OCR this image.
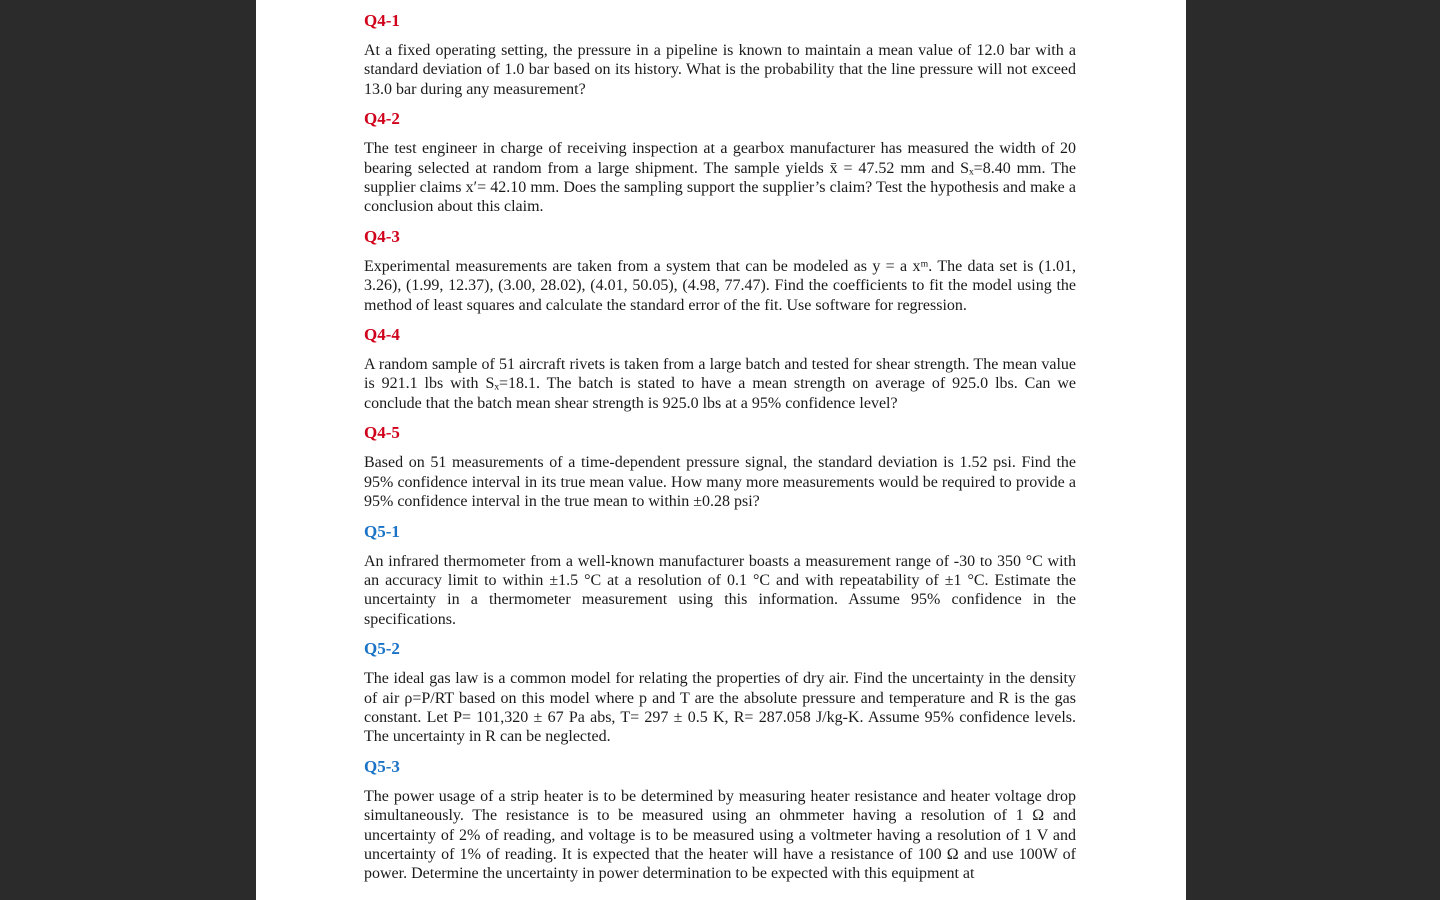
Q4-1
At a fixed operating setting, the pressure in a pipeline is known to maintain a mean value of 12.0 bar with a standard deviation of 1.0 bar based on its history. What is the probability that the line pressure will not exceed 13.0 bar during any measurement?
Q4-2
The test engineer in charge of receiving inspection at a gearbox manufacturer has measured the width of 20 bearing selected at random from a large shipment. The sample yields x̄ = 47.52 mm and Sₓ=8.40 mm. The supplier claims x′= 42.10 mm. Does the sampling support the supplier’s claim? Test the hypothesis and make a conclusion about this claim.
Q4-3
Experimental measurements are taken from a system that can be modeled as y = a xᵐ. The data set is (1.01, 3.26), (1.99, 12.37), (3.00, 28.02), (4.01, 50.05), (4.98, 77.47). Find the coefficients to fit the model using the method of least squares and calculate the standard error of the fit. Use software for regression.
Q4-4
A random sample of 51 aircraft rivets is taken from a large batch and tested for shear strength. The mean value is 921.1 lbs with Sₓ=18.1. The batch is stated to have a mean strength on average of 925.0 lbs. Can we conclude that the batch mean shear strength is 925.0 lbs at a 95% confidence level?
Q4-5
Based on 51 measurements of a time-dependent pressure signal, the standard deviation is 1.52 psi. Find the 95% confidence interval in its true mean value. How many more measurements would be required to provide a 95% confidence interval in the true mean to within ±0.28 psi?
Q5-1
An infrared thermometer from a well-known manufacturer boasts a measurement range of -30 to 350 °C with an accuracy limit to within ±1.5 °C at a resolution of 0.1 °C and with repeatability of ±1 °C. Estimate the uncertainty in a thermometer measurement using this information. Assume 95% confidence in the specifications.
Q5-2
The ideal gas law is a common model for relating the properties of dry air. Find the uncertainty in the density of air ρ=P/RT based on this model where p and T are the absolute pressure and temperature and R is the gas constant. Let P= 101,320 ± 67 Pa abs, T= 297 ± 0.5 K, R= 287.058 J/kg-K. Assume 95% confidence levels. The uncertainty in R can be neglected.
Q5-3
The power usage of a strip heater is to be determined by measuring heater resistance and heater voltage drop simultaneously. The resistance is to be measured using an ohmmeter having a resolution of 1 Ω and uncertainty of 2% of reading, and voltage is to be measured using a voltmeter having a resolution of 1 V and uncertainty of 1% of reading. It is expected that the heater will have a resistance of 100 Ω and use 100W of power. Determine the uncertainty in power determination to be expected with this equipment at
